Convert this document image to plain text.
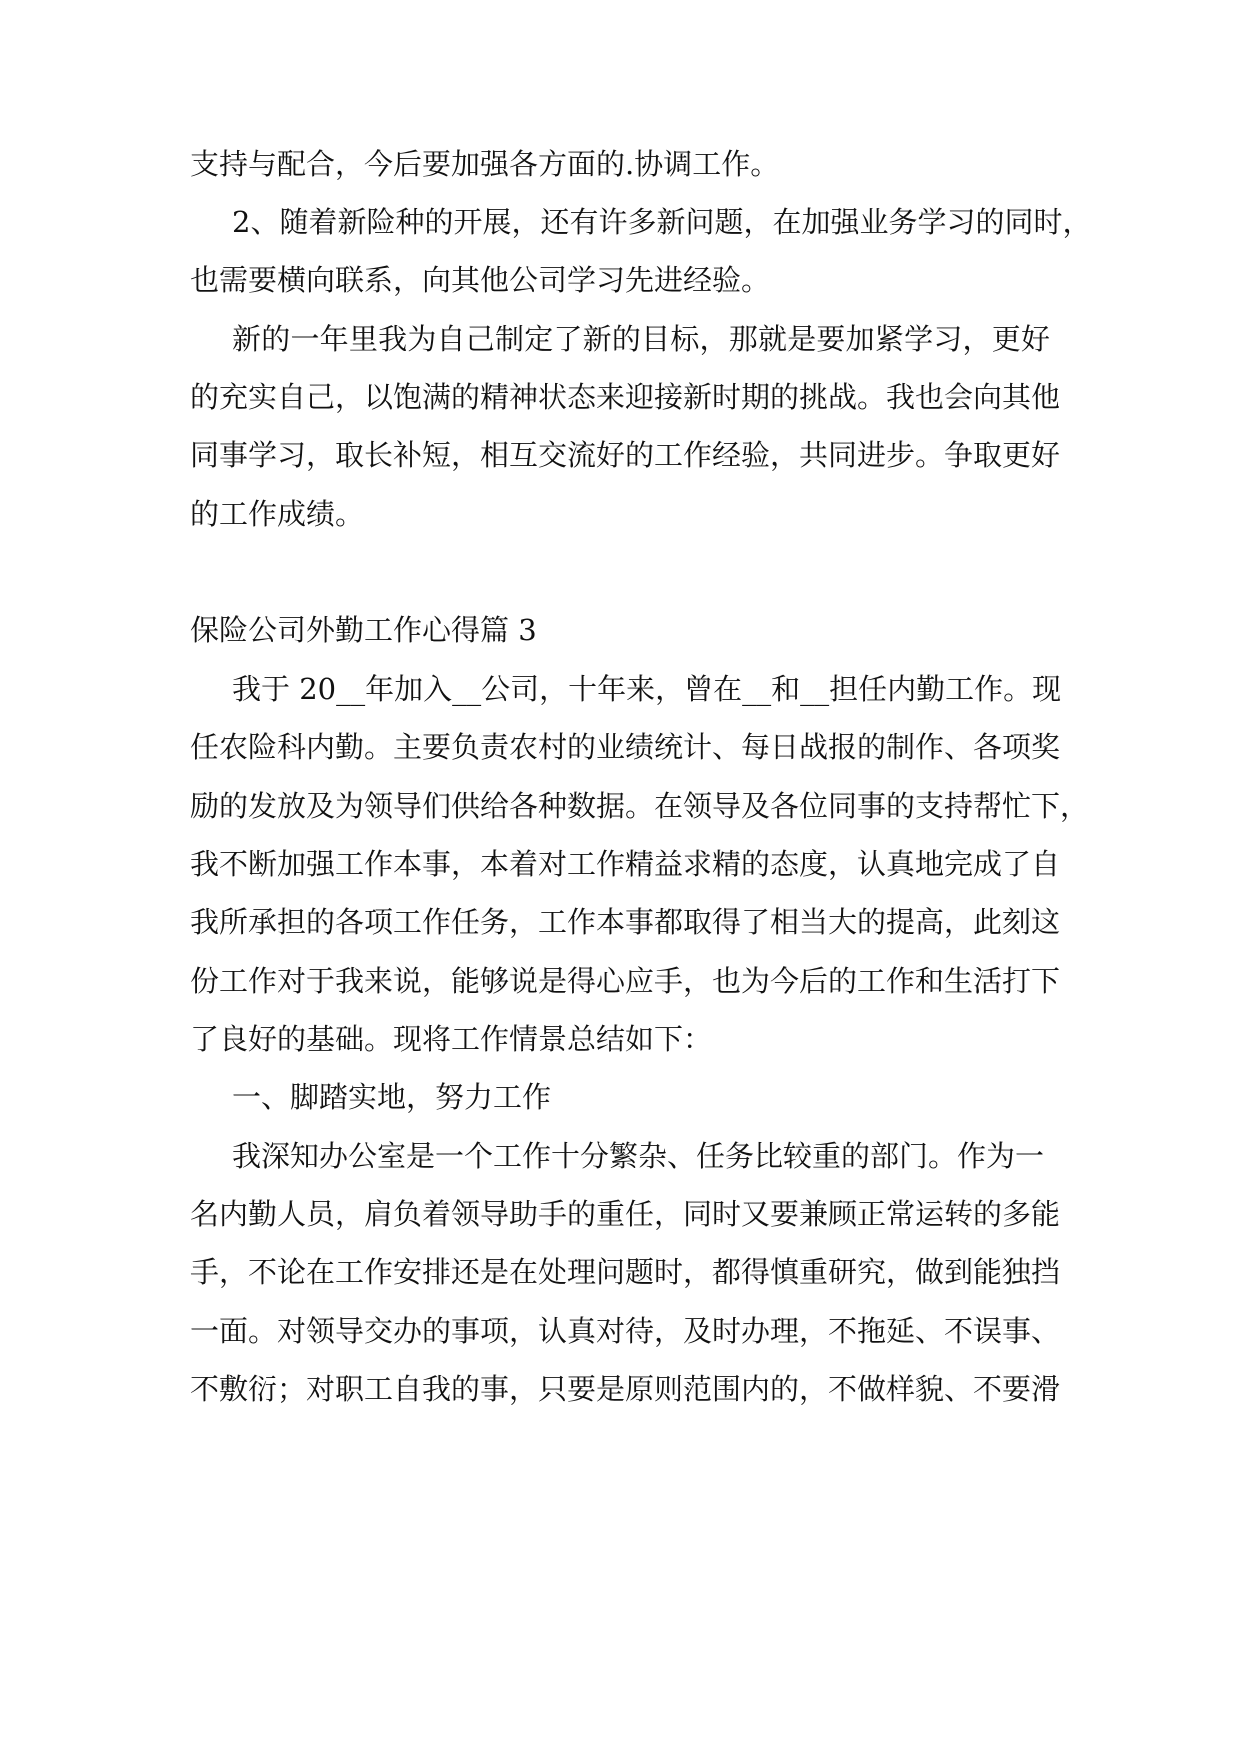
支持与配合，今后要加强各方面的.协调工作。

2、随着新险种的开展，还有许多新问题，在加强业务学习的同时，

也需要横向联系，向其他公司学习先进经验。

新的一年里我为自己制定了新的目标，那就是要加紧学习，更好

的充实自己，以饱满的精神状态来迎接新时期的挑战。我也会向其他

同事学习，取长补短，相互交流好的工作经验，共同进步。争取更好

的工作成绩。

保险公司外勤工作心得篇 3

我于 20__年加入__公司，十年来，曾在__和__担任内勤工作。现

任农险科内勤。主要负责农村的业绩统计、每日战报的制作、各项奖

励的发放及为领导们供给各种数据。在领导及各位同事的支持帮忙下，

我不断加强工作本事，本着对工作精益求精的态度，认真地完成了自

我所承担的各项工作任务，工作本事都取得了相当大的提高，此刻这

份工作对于我来说，能够说是得心应手，也为今后的工作和生活打下

了良好的基础。现将工作情景总结如下：

一、脚踏实地，努力工作

我深知办公室是一个工作十分繁杂、任务比较重的部门。作为一

名内勤人员，肩负着领导助手的重任，同时又要兼顾正常运转的多能

手，不论在工作安排还是在处理问题时，都得慎重研究，做到能独挡

一面。对领导交办的事项，认真对待，及时办理，不拖延、不误事、

不敷衍；对职工自我的事，只要是原则范围内的，不做样貌、不要滑
